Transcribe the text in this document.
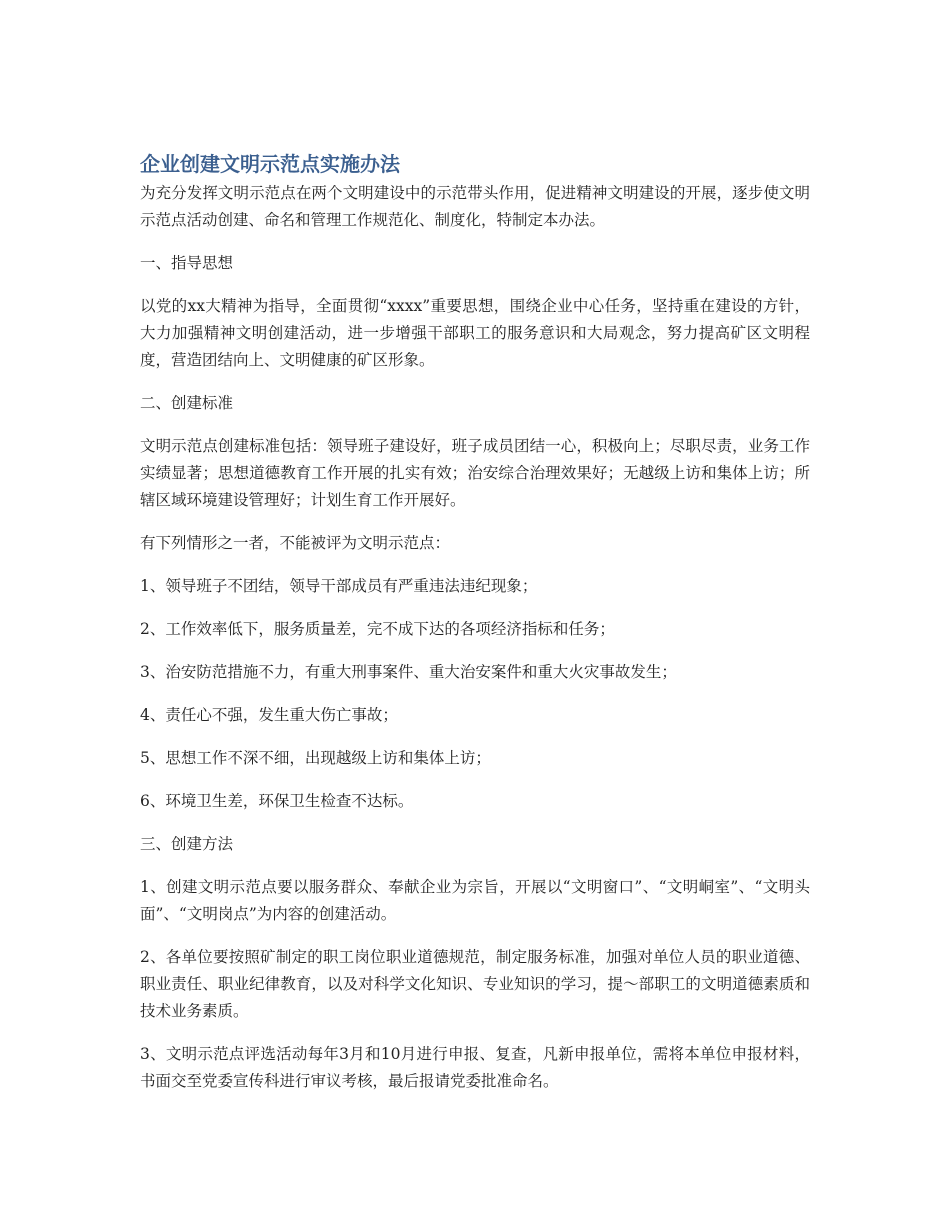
企业创建文明示范点实施办法

为充分发挥文明示范点在两个文明建设中的示范带头作用，促进精神文明建设的开展，逐步使文明示范点活动创建、命名和管理工作规范化、制度化，特制定本办法。

一、指导思想

以党的xx大精神为指导，全面贯彻“xxxx”重要思想，围绕企业中心任务，坚持重在建设的方针，大力加强精神文明创建活动，进一步增强干部职工的服务意识和大局观念，努力提高矿区文明程度，营造团结向上、文明健康的矿区形象。

二、创建标准

文明示范点创建标准包括：领导班子建设好，班子成员团结一心，积极向上；尽职尽责，业务工作实绩显著；思想道德教育工作开展的扎实有效；治安综合治理效果好；无越级上访和集体上访；所辖区域环境建设管理好；计划生育工作开展好。

有下列情形之一者，不能被评为文明示范点：

1、领导班子不团结，领导干部成员有严重违法违纪现象；

2、工作效率低下，服务质量差，完不成下达的各项经济指标和任务；

3、治安防范措施不力，有重大刑事案件、重大治安案件和重大火灾事故发生；

4、责任心不强，发生重大伤亡事故；

5、思想工作不深不细，出现越级上访和集体上访；

6、环境卫生差，环保卫生检查不达标。

三、创建方法

1、创建文明示范点要以服务群众、奉献企业为宗旨，开展以“文明窗口”、“文明峒室”、“文明头面”、“文明岗点”为内容的创建活动。

2、各单位要按照矿制定的职工岗位职业道德规范，制定服务标准，加强对单位人员的职业道德、职业责任、职业纪律教育，以及对科学文化知识、专业知识的学习，提～部职工的文明道德素质和技术业务素质。

3、文明示范点评选活动每年3月和10月进行申报、复查，凡新申报单位，需将本单位申报材料，书面交至党委宣传科进行审议考核，最后报请党委批准命名。
